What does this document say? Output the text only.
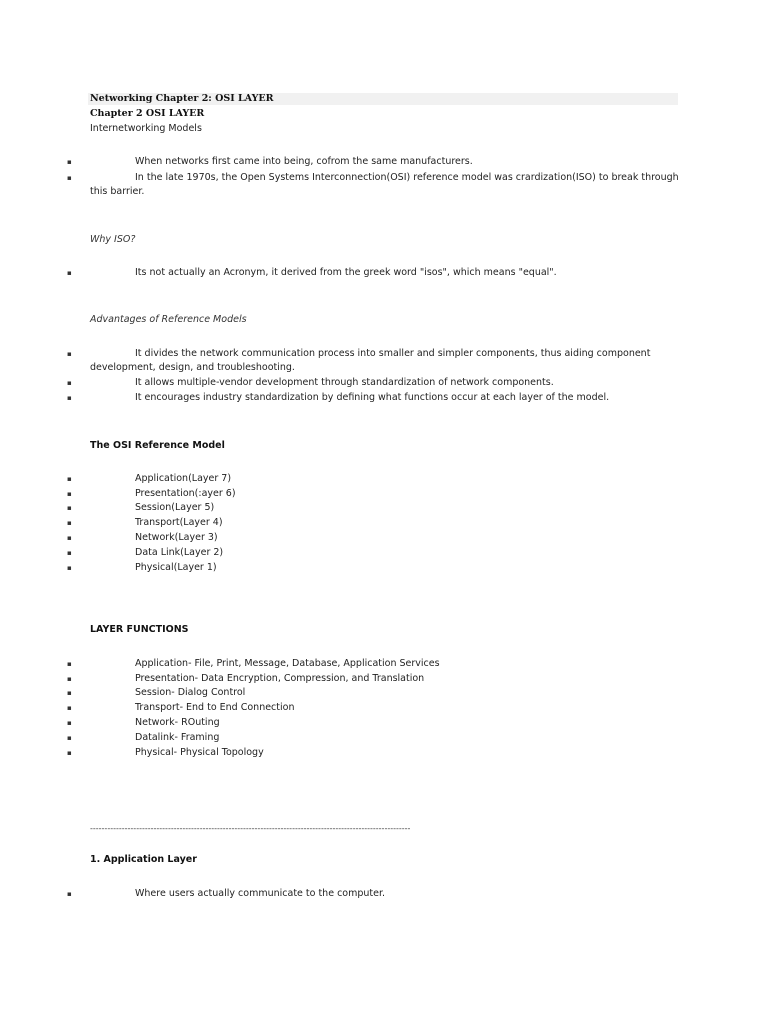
Networking Chapter 2: OSI LAYER
Chapter 2 OSI LAYER
Internetworking Models
▪	When networks first came into being, cofrom the same manufacturers.
▪	In the late 1970s, the Open Systems Interconnection(OSI) reference model was crardization(ISO) to break through this barrier.
Why ISO?
▪	Its not actually an Acronym, it derived from the greek word "isos", which means "equal".
Advantages of Reference Models
▪	It divides the network communication process into smaller and simpler components, thus aiding component development, design, and troubleshooting.
▪	It allows multiple-vendor development through standardization of network components.
▪	It encourages industry standardization by defining what functions occur at each layer of the model.
The OSI Reference Model
▪	Application(Layer 7)
▪	Presentation(:ayer 6)
▪	Session(Layer 5)
▪	Transport(Layer 4)
▪	Network(Layer 3)
▪	Data Link(Layer 2)
▪	Physical(Layer 1)
LAYER FUNCTIONS
▪	Application- File, Print, Message, Database, Application Services
▪	Presentation- Data Encryption, Compression, and Translation
▪	Session- Dialog Control
▪	Transport- End to End Connection
▪	Network- ROuting
▪	Datalink- Framing
▪	Physical- Physical Topology
---------------------------------------------------------------------------------------------------------------
1. Application Layer
▪	Where users actually communicate to the computer.
